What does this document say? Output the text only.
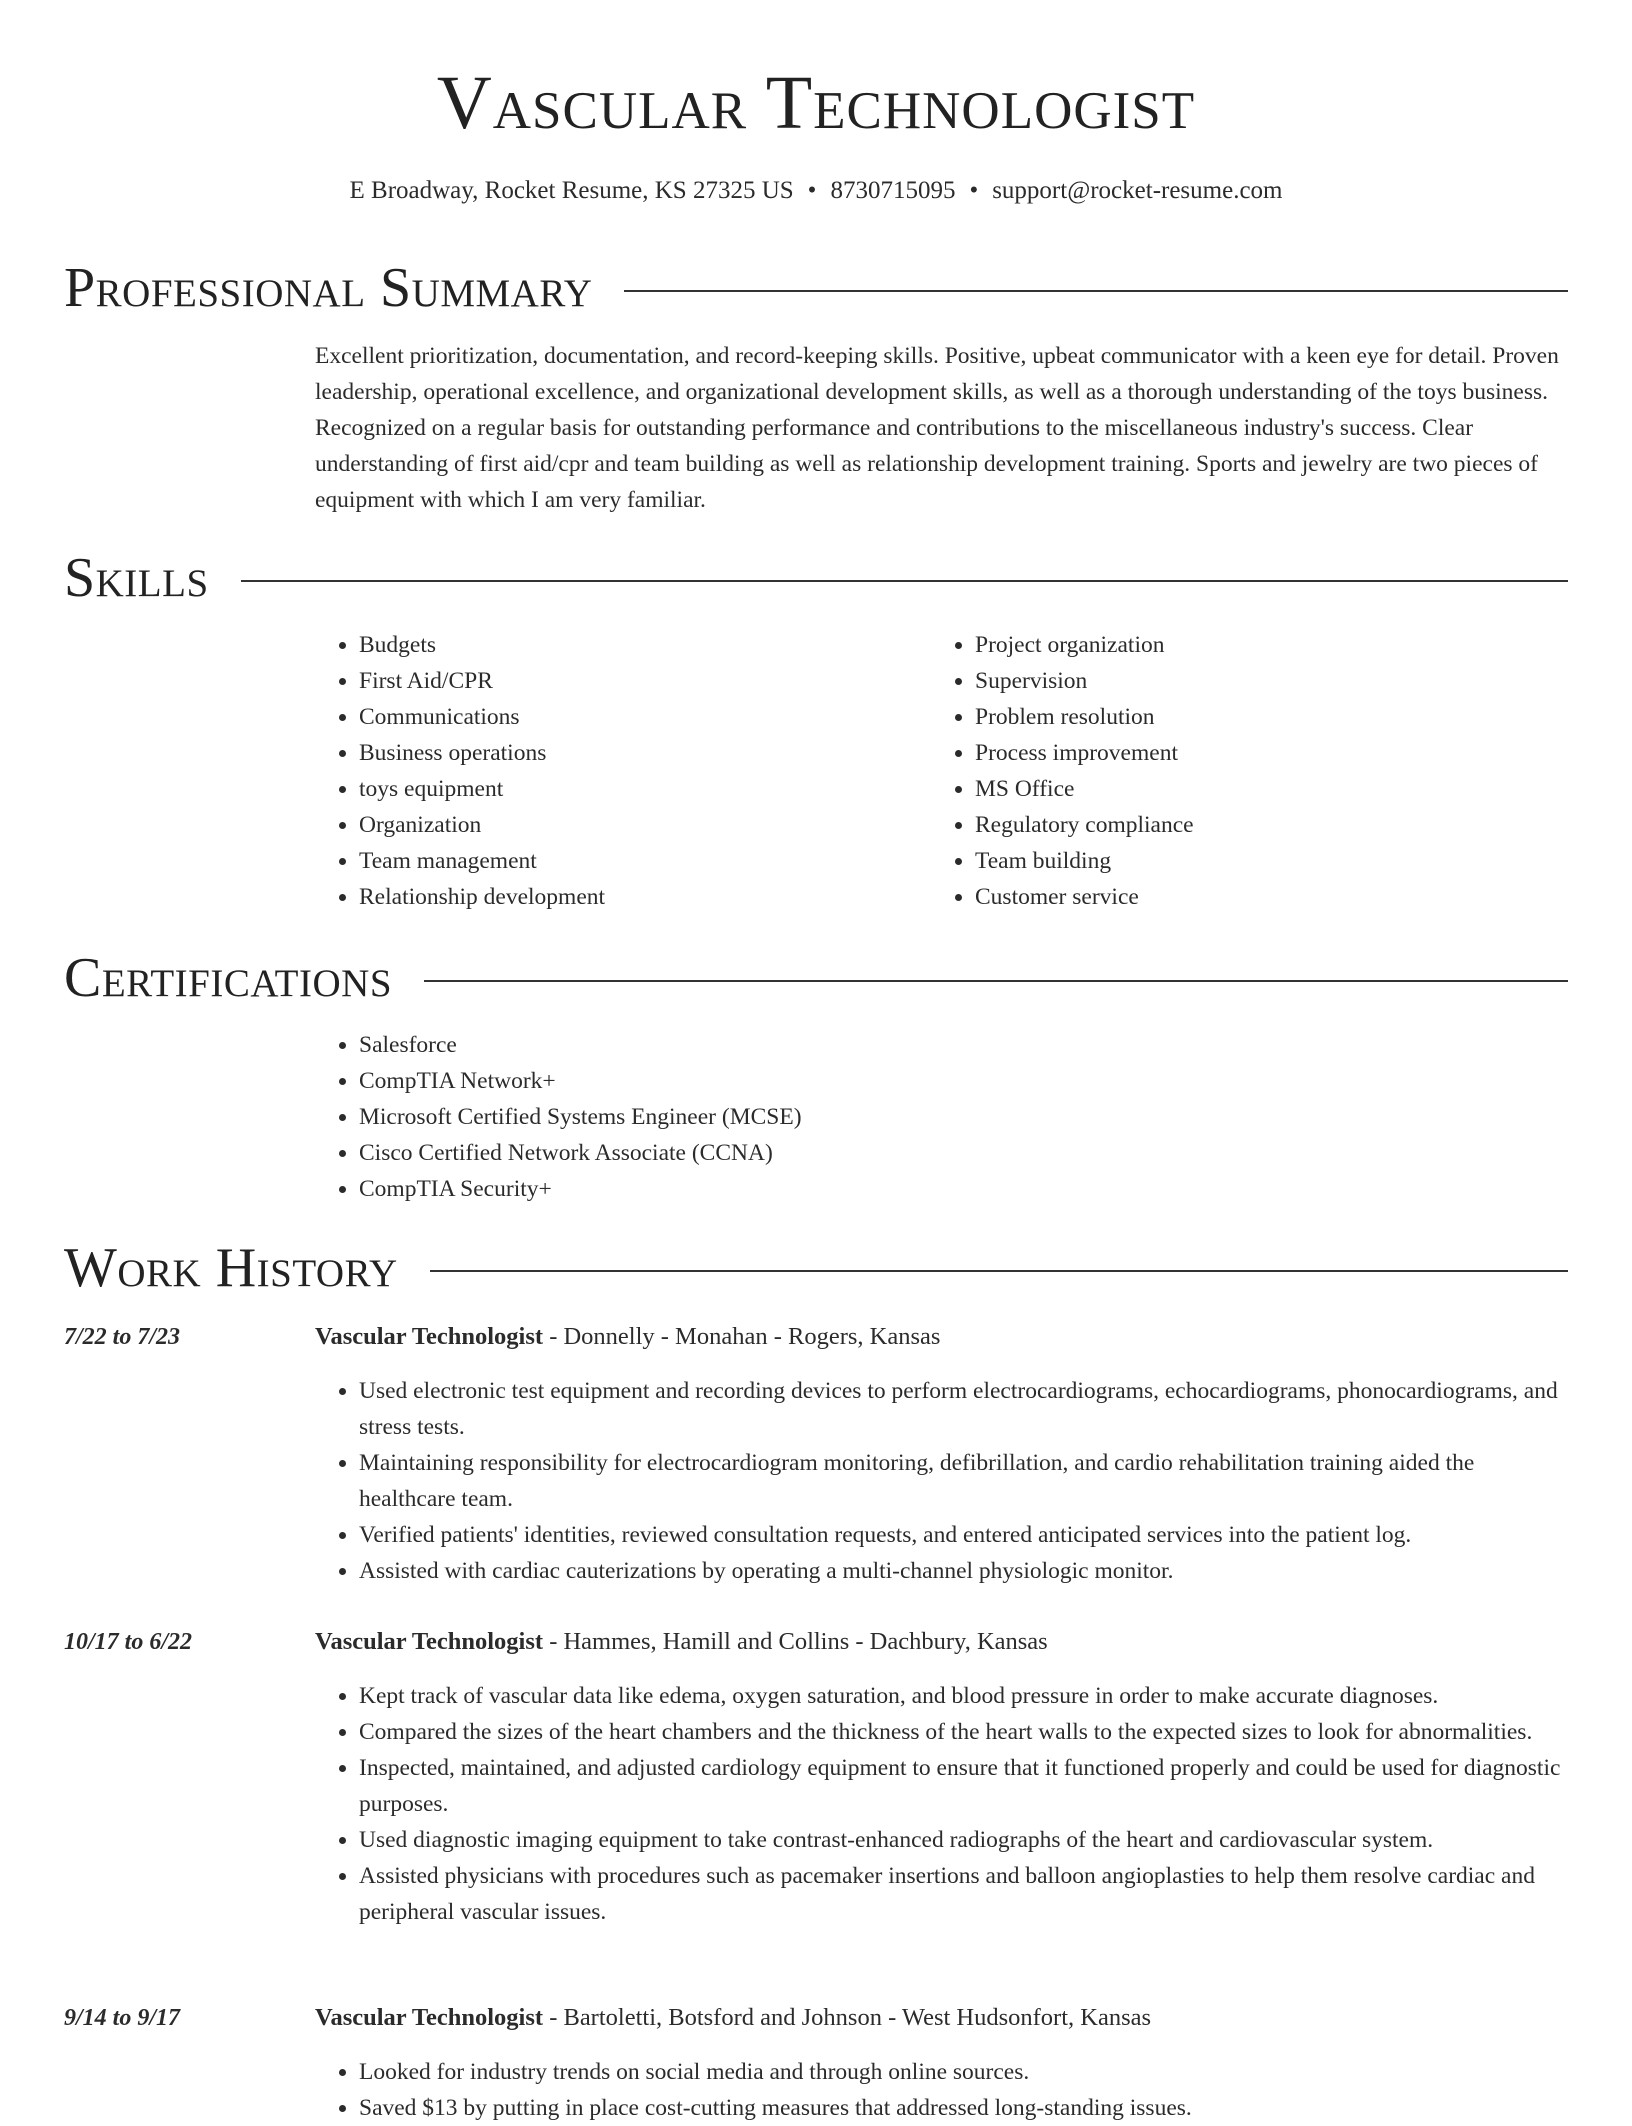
Vascular Technologist
E Broadway, Rocket Resume, KS 27325 US • 8730715095 • support@rocket-resume.com
Professional Summary
Excellent prioritization, documentation, and record-keeping skills. Positive, upbeat communicator with a keen eye for detail. Proven leadership, operational excellence, and organizational development skills, as well as a thorough understanding of the toys business. Recognized on a regular basis for outstanding performance and contributions to the miscellaneous industry's success. Clear understanding of first aid/cpr and team building as well as relationship development training. Sports and jewelry are two pieces of equipment with which I am very familiar.
Skills
• Budgets
• First Aid/CPR
• Communications
• Business operations
• toys equipment
• Organization
• Team management
• Relationship development
• Project organization
• Supervision
• Problem resolution
• Process improvement
• MS Office
• Regulatory compliance
• Team building
• Customer service
Certifications
• Salesforce
• CompTIA Network+
• Microsoft Certified Systems Engineer (MCSE)
• Cisco Certified Network Associate (CCNA)
• CompTIA Security+
Work History
7/22 to 7/23	Vascular Technologist - Donnelly - Monahan - Rogers, Kansas
• Used electronic test equipment and recording devices to perform electrocardiograms, echocardiograms, phonocardiograms, and stress tests.
• Maintaining responsibility for electrocardiogram monitoring, defibrillation, and cardio rehabilitation training aided the healthcare team.
• Verified patients' identities, reviewed consultation requests, and entered anticipated services into the patient log.
• Assisted with cardiac cauterizations by operating a multi-channel physiologic monitor.
10/17 to 6/22	Vascular Technologist - Hammes, Hamill and Collins - Dachbury, Kansas
• Kept track of vascular data like edema, oxygen saturation, and blood pressure in order to make accurate diagnoses.
• Compared the sizes of the heart chambers and the thickness of the heart walls to the expected sizes to look for abnormalities.
• Inspected, maintained, and adjusted cardiology equipment to ensure that it functioned properly and could be used for diagnostic purposes.
• Used diagnostic imaging equipment to take contrast-enhanced radiographs of the heart and cardiovascular system.
• Assisted physicians with procedures such as pacemaker insertions and balloon angioplasties to help them resolve cardiac and peripheral vascular issues.
9/14 to 9/17	Vascular Technologist - Bartoletti, Botsford and Johnson - West Hudsonfort, Kansas
• Looked for industry trends on social media and through online sources.
• Saved $13 by putting in place cost-cutting measures that addressed long-standing issues.
